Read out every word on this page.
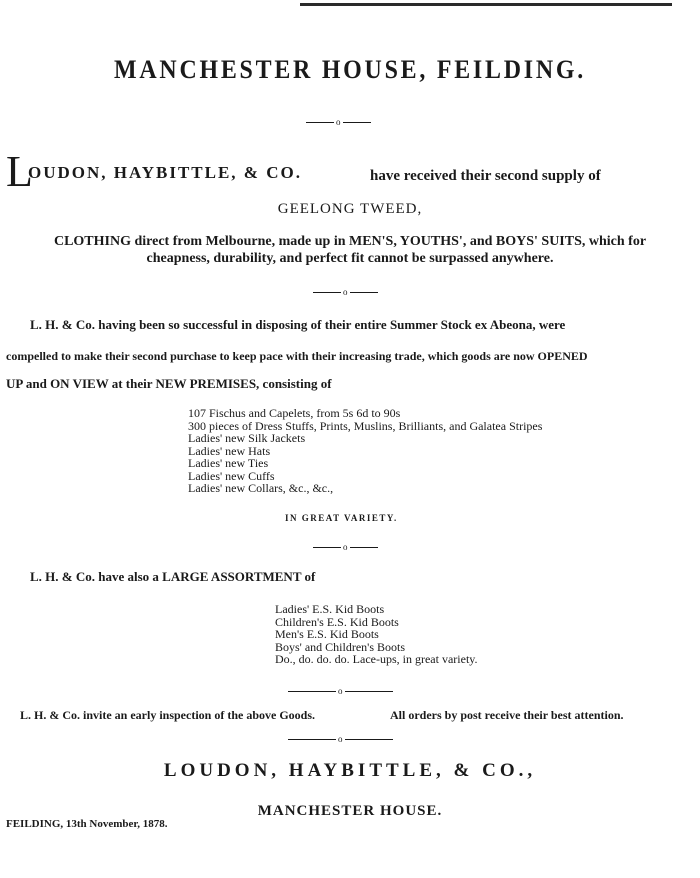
MANCHESTER HOUSE, FEILDING.
o
L
OUDON, HAYBITTLE, & CO.	have received their second supply of
GEELONG TWEED,
CLOTHING direct from Melbourne, made up in MEN'S, YOUTHS', and BOYS' SUITS, which for
cheapness, durability, and perfect fit cannot be surpassed anywhere.
o
L. H. & Co. having been so successful in disposing of their entire Summer Stock ex Abeona, were
compelled to make their second purchase to keep pace with their increasing trade, which goods are now OPENED
UP and ON VIEW at their NEW PREMISES, consisting of
107 Fischus and Capelets, from 5s 6d to 90s
300 pieces of Dress Stuffs, Prints, Muslins, Brilliants, and Galatea Stripes
Ladies' new Silk Jackets
Ladies' new Hats
Ladies' new Ties
Ladies' new Cuffs
Ladies' new Collars, &c., &c.,
IN GREAT VARIETY.
o
L. H. & Co. have also a LARGE ASSORTMENT of
Ladies' E.S. Kid Boots
Children's E.S. Kid Boots
Men's E.S. Kid Boots
Boys' and Children's Boots
Do., do. do. do. Lace-ups, in great variety.
o
L. H. & Co. invite an early inspection of the above Goods.	All orders by post receive their best attention.
o
LOUDON, HAYBITTLE, & CO.,
MANCHESTER HOUSE.
FEILDING, 13th November, 1878.
